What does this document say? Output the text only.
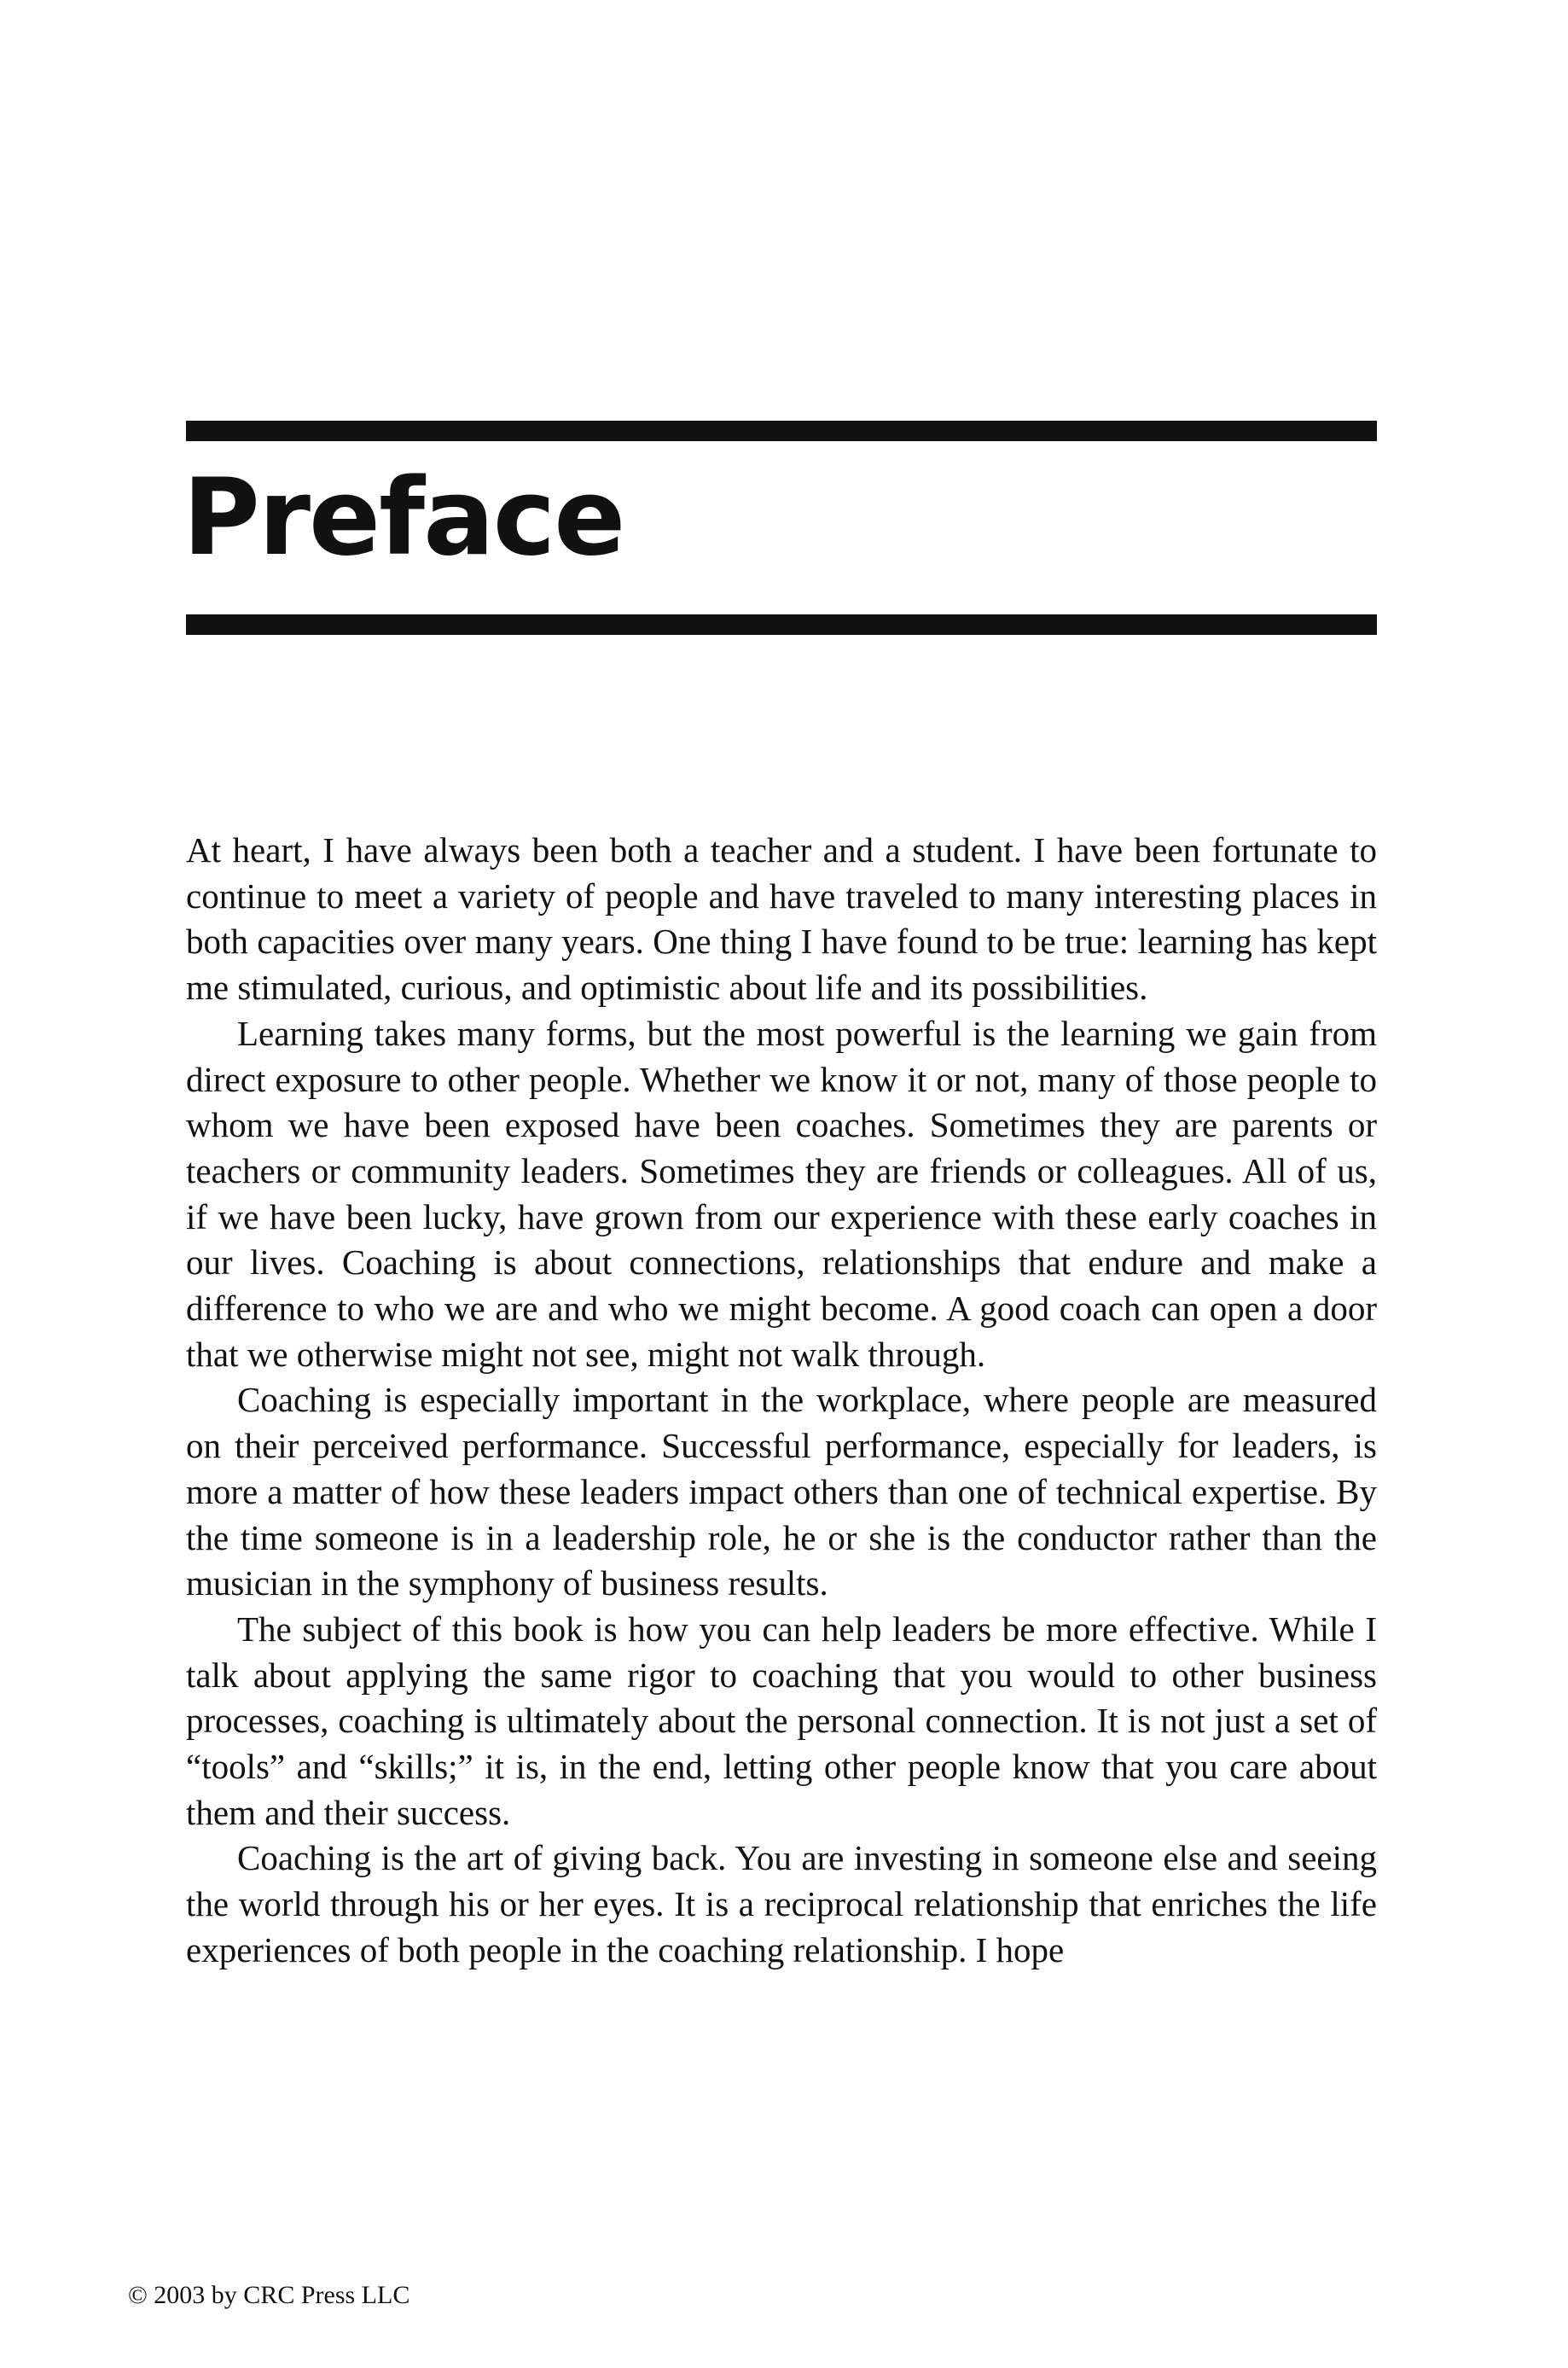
Preface

At heart, I have always been both a teacher and a student. I have been fortunate to continue to meet a variety of people and have traveled to many interesting places in both capacities over many years. One thing I have found to be true: learning has kept me stimulated, curious, and optimistic about life and its possibilities.

Learning takes many forms, but the most powerful is the learning we gain from direct exposure to other people. Whether we know it or not, many of those people to whom we have been exposed have been coaches. Sometimes they are parents or teachers or community leaders. Sometimes they are friends or colleagues. All of us, if we have been lucky, have grown from our experience with these early coaches in our lives. Coaching is about connections, relationships that endure and make a difference to who we are and who we might become. A good coach can open a door that we otherwise might not see, might not walk through.

Coaching is especially important in the workplace, where people are measured on their perceived performance. Successful performance, especially for leaders, is more a matter of how these leaders impact others than one of technical expertise. By the time someone is in a leadership role, he or she is the conductor rather than the musician in the symphony of business results.

The subject of this book is how you can help leaders be more effective. While I talk about applying the same rigor to coaching that you would to other business processes, coaching is ultimately about the personal connection. It is not just a set of “tools” and “skills;” it is, in the end, letting other people know that you care about them and their success.

Coaching is the art of giving back. You are investing in someone else and seeing the world through his or her eyes. It is a reciprocal relationship that enriches the life experiences of both people in the coaching relationship. I hope

© 2003 by CRC Press LLC
